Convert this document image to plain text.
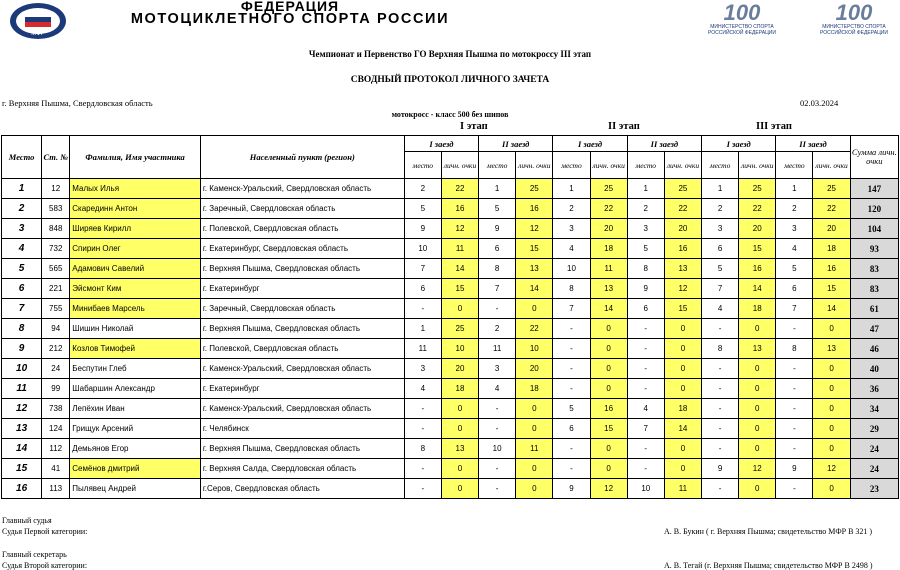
МФР
ФЕДЕРАЦИЯ
МОТОЦИКЛЕТНОГО СПОРТА РОССИИ	100
МИНИСТЕРСТВО СПОРТА РОССИЙСКОЙ ФЕДЕРАЦИИ
100
МИНИСТЕРСТВО СПОРТА РОССИЙСКОЙ ФЕДЕРАЦИИ
Чемпионат и Первенство ГО Верхняя Пышма по мотокроссу III этап
СВОДНЫЙ ПРОТОКОЛ ЛИЧНОГО ЗАЧЕТА
г. Верхняя Пышма, Свердловская область	02.03.2024
мотокросс - класс 500 без шипов
I этап	II этап	III этап
Место	Ст. №	Фамилия, Имя участника	Населенный пункт (регион)	I заезд		II заезд		I заезд		II заезд		I заезд		II заезд		Сумма личн. очки
				место	личн. очки	место	личн. очки	место	личн. очки	место	личн. очки	место	личн. очки	место	личн. очки	
1	12	Малых Илья	г. Каменск-Уральский, Свердловская область	2	22	1	25	1	25	1	25	1	25	1	25	147
2	583	Скарединн Антон	г. Заречный, Свердловская область	5	16	5	16	2	22	2	22	2	22	2	22	120
3	848	Ширяев Кирилл	г. Полевской, Свердловская область	9	12	9	12	3	20	3	20	3	20	3	20	104
4	732	Спирин Олег	г. Екатеринбург, Свердловская область	10	11	6	15	4	18	5	16	6	15	4	18	93
5	565	Адамович Савелий	г. Верхняя Пышма, Свердловская область	7	14	8	13	10	11	8	13	5	16	5	16	83
6	221	Эйсмонт Ким	г. Екатеринбург	6	15	7	14	8	13	9	12	7	14	6	15	83
7	755	Минибаев Марсель	г. Заречный, Свердловская область	-	0	-	0	7	14	6	15	4	18	7	14	61
8	94	Шишин Николай	г. Верхняя Пышма, Свердловская область	1	25	2	22	-	0	-	0	-	0	-	0	47
9	212	Козлов Тимофей	г. Полевской, Свердловская область	11	10	11	10	-	0	-	0	8	13	8	13	46
10	24	Беспутин Глеб	г. Каменск-Уральский, Свердловская область	3	20	3	20	-	0	-	0	-	0	-	0	40
11	99	Шабаршин Александр	г. Екатеринбург	4	18	4	18	-	0	-	0	-	0	-	0	36
12	738	Лепёхин Иван	г. Каменск-Уральский, Свердловская область	-	0	-	0	5	16	4	18	-	0	-	0	34
13	124	Грищук Арсений	г. Челябинск	-	0	-	0	6	15	7	14	-	0	-	0	29
14	112	Демьянов Егор	г. Верхняя Пышма, Свердловская область	8	13	10	11	-	0	-	0	-	0	-	0	24
15	41	Семёнов дмитрий	г. Верхняя Салда, Свердловская область	-	0	-	0	-	0	-	0	9	12	9	12	24
16	113	Пылявец Андрей	г.Серов, Свердловская область	-	0	-	0	9	12	10	11	-	0	-	0	23
Главный судья
Судья Первой категории:	А. В. Букин ( г. Верхняя Пышма; свидетельство МФР В 321 )
Главный секретарь
Судья Второй категории:	А. В. Тегай (г. Верхняя Пышма; свидетельство МФР В 2498 )
